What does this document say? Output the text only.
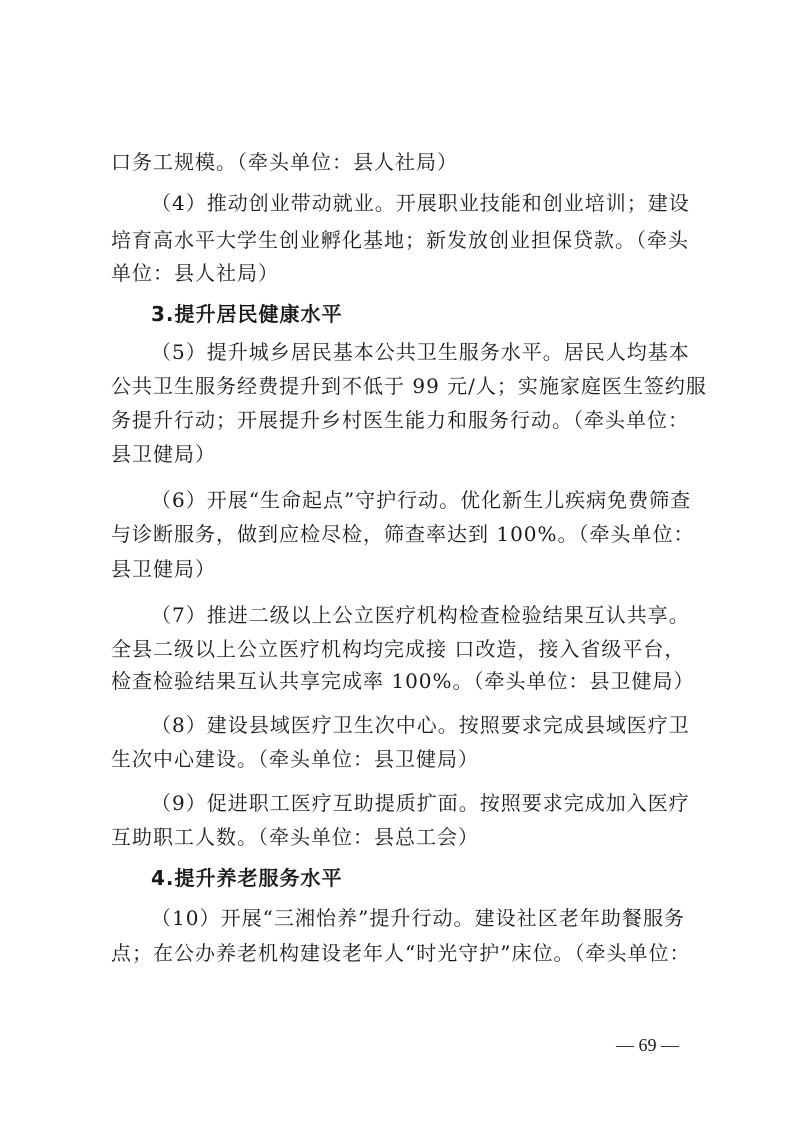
口务工规模。（牵头单位：县人社局）
（4）推动创业带动就业。开展职业技能和创业培训；建设
培育高水平大学生创业孵化基地；新发放创业担保贷款。（牵头
单位：县人社局）
3.提升居民健康水平
（5）提升城乡居民基本公共卫生服务水平。居民人均基本
公共卫生服务经费提升到不低于 99 元/人；实施家庭医生签约服
务提升行动；开展提升乡村医生能力和服务行动。（牵头单位：
县卫健局）
（6）开展“生命起点”守护行动。优化新生儿疾病免费筛查
与诊断服务，做到应检尽检，筛查率达到 100%。（牵头单位：
县卫健局）
（7）推进二级以上公立医疗机构检查检验结果互认共享。
全县二级以上公立医疗机构均完成接 口改造，接入省级平台，
检查检验结果互认共享完成率 100%。（牵头单位：县卫健局）
（8）建设县域医疗卫生次中心。按照要求完成县域医疗卫
生次中心建设。（牵头单位：县卫健局）
（9）促进职工医疗互助提质扩面。按照要求完成加入医疗
互助职工人数。（牵头单位：县总工会）
4.提升养老服务水平
（10）开展“三湘怡养”提升行动。建设社区老年助餐服务
点；在公办养老机构建设老年人“时光守护”床位。（牵头单位：
— 69 —
